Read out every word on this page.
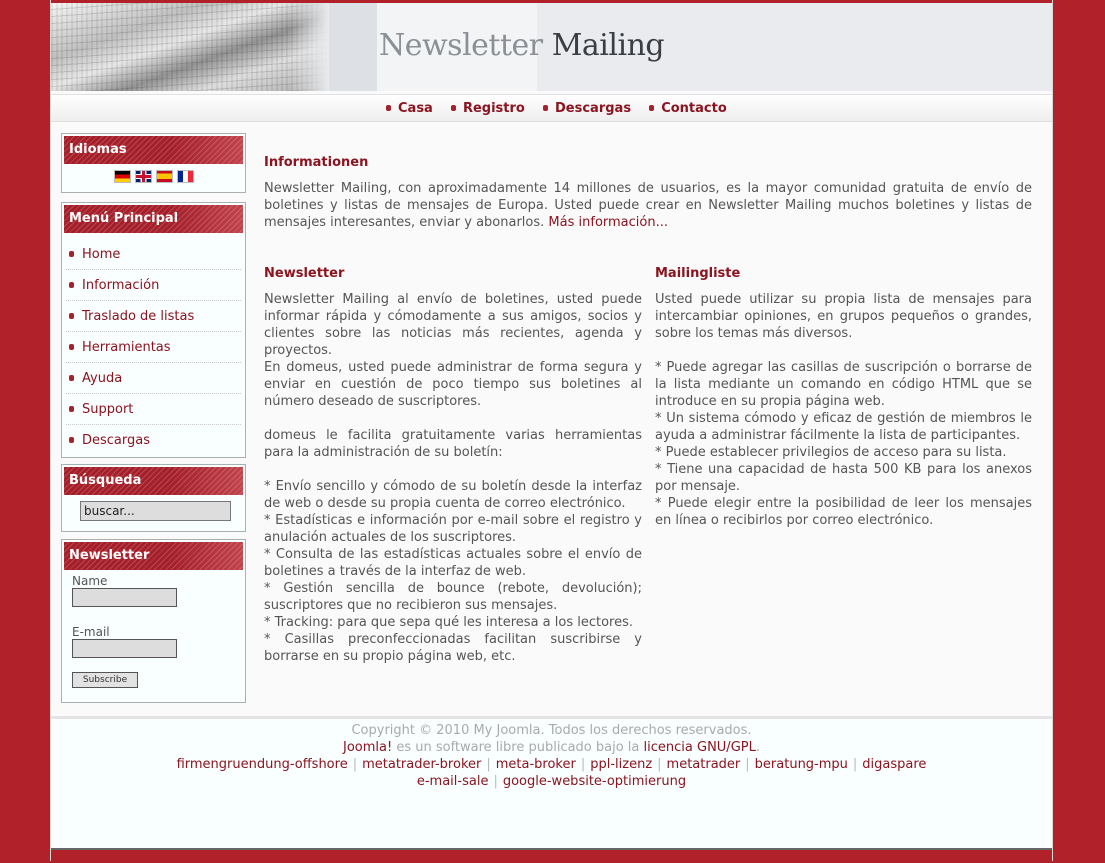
Newsletter Mailing
Casa Registro Descargas Contacto
Idiomas
Menú Principal
Home
Información
Traslado de listas
Herramientas
Ayuda
Support
Descargas
Búsqueda
buscar...
Newsletter
Name
E-mail
Subscribe
Informationen

Newsletter Mailing, con aproximadamente 14 millones de usuarios, es la mayor comunidad gratuita de envío de boletines y listas de mensajes de Europa. Usted puede crear en Newsletter Mailing muchos boletines y listas de mensajes interesantes, enviar y abonarlos. Más información...

Newsletter

Newsletter Mailing al envío de boletines, usted puede informar rápida y cómodamente a sus amigos, socios y clientes sobre las noticias más recientes, agenda y proyectos.

En domeus, usted puede administrar de forma segura y enviar en cuestión de poco tiempo sus boletines al número deseado de suscriptores.

domeus le facilita gratuitamente varias herramientas para la administración de su boletín:

* Envío sencillo y cómodo de su boletín desde la interfaz de web o desde su propia cuenta de correo electrónico.

* Estadísticas e información por e-mail sobre el registro y anulación actuales de los suscriptores.

* Consulta de las estadísticas actuales sobre el envío de boletines a través de la interfaz de web.

* Gestión sencilla de bounce (rebote, devolución); suscriptores que no recibieron sus mensajes.

* Tracking: para que sepa qué les interesa a los lectores.

* Casillas preconfeccionadas facilitan suscribirse y borrarse en su propio página web, etc.

Mailingliste

Usted puede utilizar su propia lista de mensajes para intercambiar opiniones, en grupos pequeños o grandes, sobre los temas más diversos.

* Puede agregar las casillas de suscripción o borrarse de la lista mediante un comando en código HTML que se introduce en su propia página web.

* Un sistema cómodo y eficaz de gestión de miembros le ayuda a administrar fácilmente la lista de participantes.

* Puede establecer privilegios de acceso para su lista.

* Tiene una capacidad de hasta 500 KB para los anexos por mensaje.

* Puede elegir entre la posibilidad de leer los mensajes en línea o recibirlos por correo electrónico.

Copyright © 2010 My Joomla. Todos los derechos reservados.
Joomla! es un software libre publicado bajo la licencia GNU/GPL.
firmengruendung-offshore | metatrader-broker | meta-broker | ppl-lizenz | metatrader | beratung-mpu | digaspare
e-mail-sale | google-website-optimierung
